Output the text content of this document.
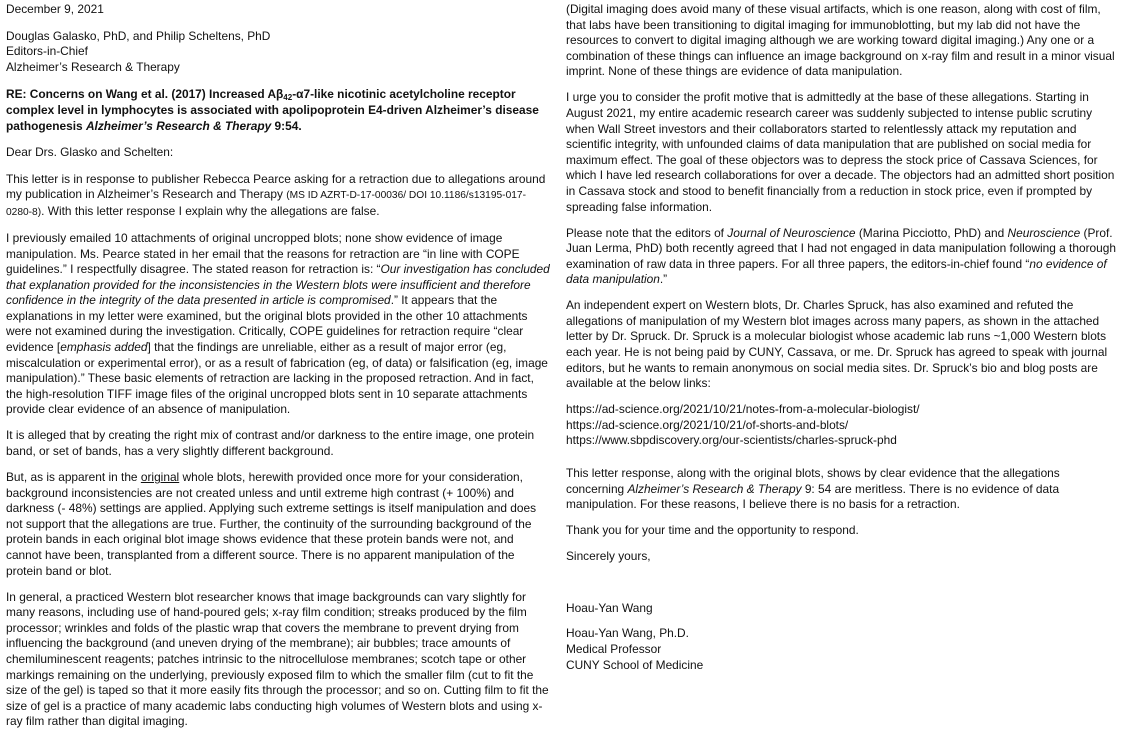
December 9, 2021

Douglas Galasko, PhD, and Philip Scheltens, PhD
Editors-in-Chief
Alzheimer’s Research & Therapy

RE: Concerns on Wang et al. (2017) Increased $A\beta_{42}-\alpha 7$-like nicotinic acetylcholine receptor complex level in lymphocytes is associated with apolipoprotein E4-driven Alzheimer’s disease pathogenesis Alzheimer’s Research & Therapy 9:54.

Dear Drs. Glasko and Schelten:

This letter is in response to publisher Rebecca Pearce asking for a retraction due to allegations around my publication in Alzheimer’s Research and Therapy (MS ID AZRT-D-17-00036/ DOI 10.1186/s13195-017-0280-8). With this letter response I explain why the allegations are false.

I previously emailed 10 attachments of original uncropped blots; none show evidence of image manipulation. Ms. Pearce stated in her email that the reasons for retraction are “in line with COPE guidelines.” I respectfully disagree. The stated reason for retraction is: “Our investigation has concluded that explanation provided for the inconsistencies in the Western blots were insufficient and therefore confidence in the integrity of the data presented in article is compromised.” It appears that the explanations in my letter were examined, but the original blots provided in the other 10 attachments were not examined during the investigation. Critically, COPE guidelines for retraction require “clear evidence [emphasis added] that the findings are unreliable, either as a result of major error (eg, miscalculation or experimental error), or as a result of fabrication (eg, of data) or falsification (eg, image manipulation).” These basic elements of retraction are lacking in the proposed retraction. And in fact, the high-resolution TIFF image files of the original uncropped blots sent in 10 separate attachments provide clear evidence of an absence of manipulation.

It is alleged that by creating the right mix of contrast and/or darkness to the entire image, one protein band, or set of bands, has a very slightly different background.

But, as is apparent in the original whole blots, herewith provided once more for your consideration, background inconsistencies are not created unless and until extreme high contrast (+ 100%) and darkness (- 48%) settings are applied. Applying such extreme settings is itself manipulation and does not support that the allegations are true. Further, the continuity of the surrounding background of the protein bands in each original blot image shows evidence that these protein bands were not, and cannot have been, transplanted from a different source. There is no apparent manipulation of the protein band or blot.

In general, a practiced Western blot researcher knows that image backgrounds can vary slightly for many reasons, including use of hand-poured gels; x-ray film condition; streaks produced by the film processor; wrinkles and folds of the plastic wrap that covers the membrane to prevent drying from influencing the background (and uneven drying of the membrane); air bubbles; trace amounts of chemiluminescent reagents; patches intrinsic to the nitrocellulose membranes; scotch tape or other markings remaining on the underlying, previously exposed film to which the smaller film (cut to fit the size of the gel) is taped so that it more easily fits through the processor; and so on. Cutting film to fit the size of gel is a practice of many academic labs conducting high volumes of Western blots and using x-ray film rather than digital imaging.

(Digital imaging does avoid many of these visual artifacts, which is one reason, along with cost of film, that labs have been transitioning to digital imaging for immunoblotting, but my lab did not have the resources to convert to digital imaging although we are working toward digital imaging.) Any one or a combination of these things can influence an image background on x-ray film and result in a minor visual imprint. None of these things are evidence of data manipulation.

I urge you to consider the profit motive that is admittedly at the base of these allegations. Starting in August 2021, my entire academic research career was suddenly subjected to intense public scrutiny when Wall Street investors and their collaborators started to relentlessly attack my reputation and scientific integrity, with unfounded claims of data manipulation that are published on social media for maximum effect. The goal of these objectors was to depress the stock price of Cassava Sciences, for which I have led research collaborations for over a decade. The objectors had an admitted short position in Cassava stock and stood to benefit financially from a reduction in stock price, even if prompted by spreading false information.

Please note that the editors of Journal of Neuroscience (Marina Picciotto, PhD) and Neuroscience (Prof. Juan Lerma, PhD) both recently agreed that I had not engaged in data manipulation following a thorough examination of raw data in three papers. For all three papers, the editors-in-chief found “no evidence of data manipulation.”

An independent expert on Western blots, Dr. Charles Spruck, has also examined and refuted the allegations of manipulation of my Western blot images across many papers, as shown in the attached letter by Dr. Spruck. Dr. Spruck is a molecular biologist whose academic lab runs ~1,000 Western blots each year. He is not being paid by CUNY, Cassava, or me. Dr. Spruck has agreed to speak with journal editors, but he wants to remain anonymous on social media sites. Dr. Spruck’s bio and blog posts are available at the below links:

https://ad-science.org/2021/10/21/notes-from-a-molecular-biologist/
https://ad-science.org/2021/10/21/of-shorts-and-blots/
https://www.sbpdiscovery.org/our-scientists/charles-spruck-phd

This letter response, along with the original blots, shows by clear evidence that the allegations concerning Alzheimer’s Research & Therapy 9: 54 are meritless. There is no evidence of data manipulation. For these reasons, I believe there is no basis for a retraction.

Thank you for your time and the opportunity to respond.

Sincerely yours,

Hoau-Yan Wang

Hoau-Yan Wang, Ph.D.
Medical Professor
CUNY School of Medicine
